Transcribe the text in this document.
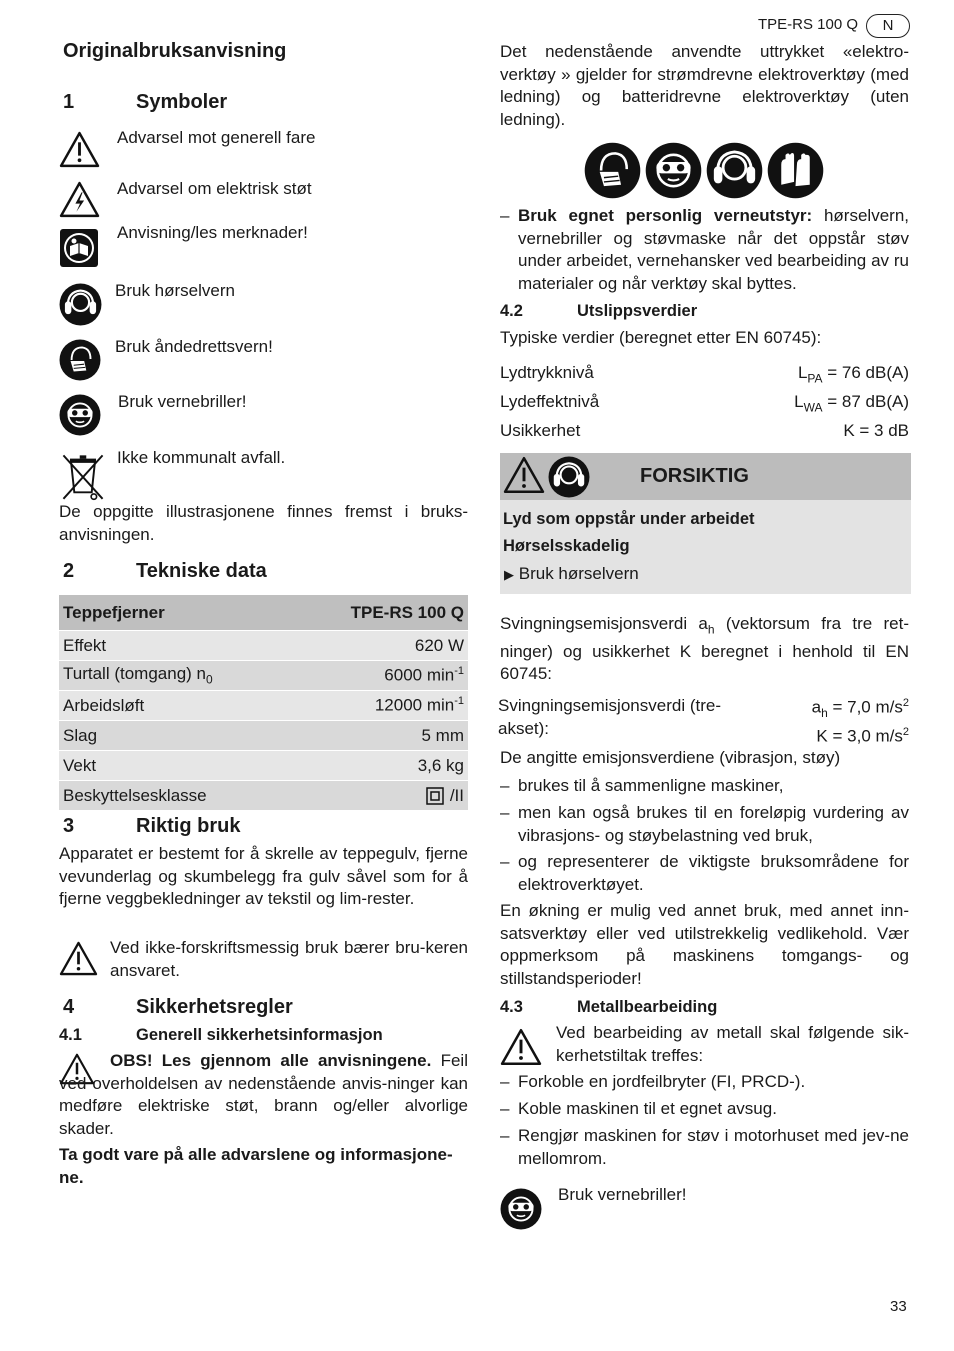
TPE-RS 100 Q	N
Originalbruksanvisning
1	Symboler
Advarsel mot generell fare
Advarsel om elektrisk støt
Anvisning/les merknader!
Bruk hørselvern
Bruk åndedrettsvern!
Bruk vernebriller!
Ikke kommunalt avfall.
De oppgitte illustrasjonene finnes fremst i bruks-anvisningen.
2	Tekniske data
Teppefjerner	TPE-RS 100 Q
Effekt	620 W
Turtall (tomgang) $n_0$	6000 $\min^{-1}$
Arbeidsløft	12000 $\min^{-1}$
Slag	5 mm
Vekt	3,6 kg
Beskyttelsesklasse	/II
3	Riktig bruk
Apparatet er bestemt for å skrelle av teppegulv, fjerne vevunderlag og skumbelegg fra gulv såvel som for å fjerne veggbekledninger av tekstil og lim-rester.
Ved ikke-forskriftsmessig bruk bærer bru-keren ansvaret.
4	Sikkerhetsregler
4.1	Generell sikkerhetsinformasjon
OBS! Les gjennom alle anvisningene. Feil ved overholdelsen av nedenstående anvis-ninger kan medføre elektriske støt, brann og/eller alvorlige skader.
Ta godt vare på alle advarslene og informasjone-ne.
Det nedenstående anvendte uttrykket «elektro-verktøy » gjelder for strømdrevne elektroverktøy (med ledning) og batteridrevne elektroverktøy (uten ledning).
– Bruk egnet personlig verneutstyr: hørselvern, vernebriller og støvmaske når det oppstår støv under arbeidet, vernehansker ved bearbeiding av ru materialer og når verktøy skal byttes.
4.2	Utslippsverdier
Typiske verdier (beregnet etter EN 60745):
Lydtrykknivå	$L_{PA} = 76$ dB(A)
Lydeffektnivå	$L_{WA} = 87$ dB(A)
Usikkerhet	K = 3 dB
FORSIKTIG
Lyd som oppstår under arbeidet
Hørselsskadelig
▶ Bruk hørselvern
Svingningsemisjonsverdi $a_h$ (vektorsum fra tre ret-ninger) og usikkerhet K beregnet i henhold til EN 60745:
Svingningsemisjonsverdi (tre-akset):
$a_h = 7,0$ $m/s^2$
K = 3,0 $m/s^2$
De angitte emisjonsverdiene (vibrasjon, støy)
– brukes til å sammenligne maskiner,
– men kan også brukes til en foreløpig vurdering av vibrasjons- og støybelastning ved bruk,
– og representerer de viktigste bruksområdene for elektroverktøyet.
En økning er mulig ved annet bruk, med annet inn-satsverktøy eller ved utilstrekkelig vedlikehold. Vær oppmerksom på maskinens tomgangs- og stillstandsperioder!
4.3	Metallbearbeiding
Ved bearbeiding av metall skal følgende sik-kerhetstiltak treffes:
– Forkoble en jordfeilbryter (FI, PRCD-).
– Koble maskinen til et egnet avsug.
– Rengjør maskinen for støv i motorhuset med jev-ne mellomrom.
Bruk vernebriller!
33
